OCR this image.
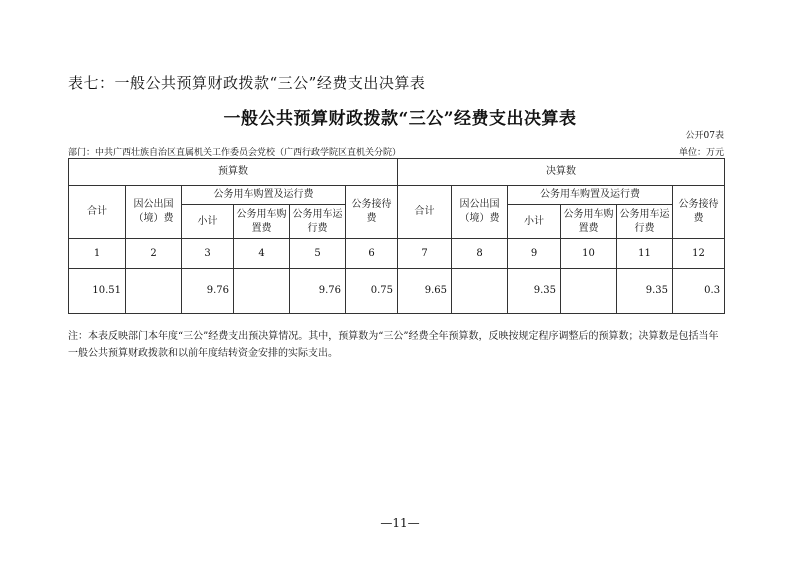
表七：一般公共预算财政拨款“三公”经费支出决算表
一般公共预算财政拨款“三公”经费支出决算表
公开07表
部门：中共广西壮族自治区直属机关工作委员会党校（广西行政学院区直机关分院）	单位：万元
预算数						决算数					
合计	因公出国（境）费	公务用车购置及运行费			公务接待费	合计	因公出国（境）费	公务用车购置及运行费			公务接待费
		小计	公务用车购置费	公务用车运行费				小计	公务用车购置费	公务用车运行费	
1	2	3	4	5	6	7	8	9	10	11	12
10.51		9.76		9.76	0.75	9.65		9.35		9.35	0.3
注：本表反映部门本年度“三公”经费支出预决算情况。其中，预算数为“三公”经费全年预算数，反映按规定程序调整后的预算数；决算数是包括当年一般公共预算财政拨款和以前年度结转资金安排的实际支出。
—11—
